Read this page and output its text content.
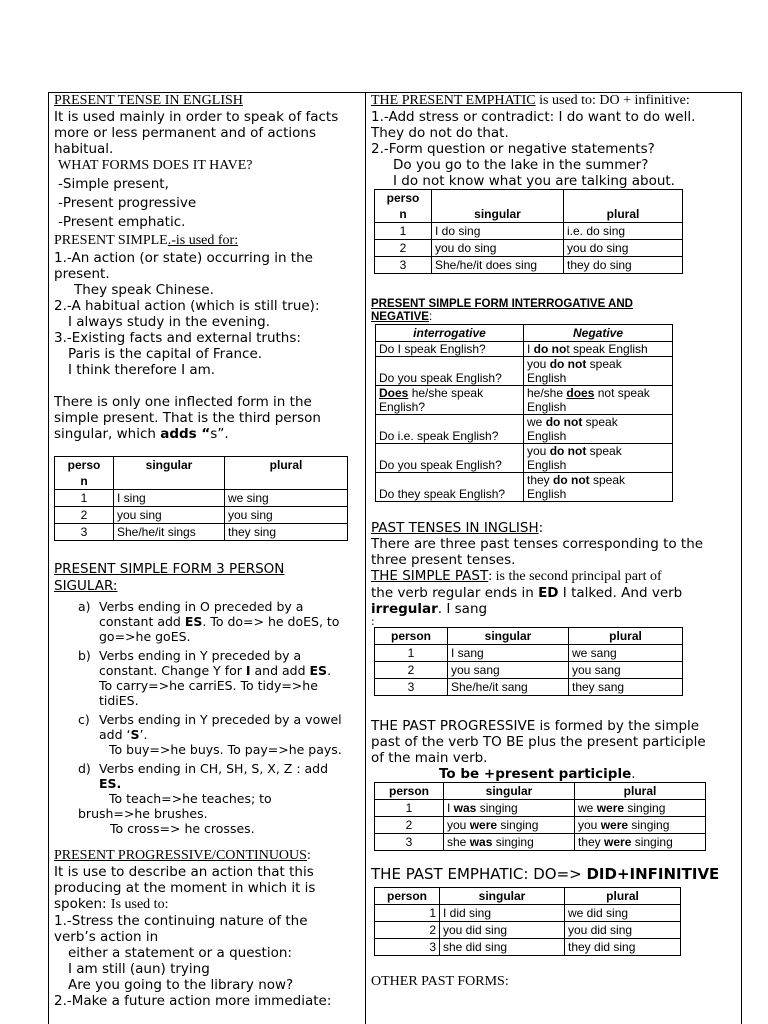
PRESENT TENSE IN ENGLISH

It is used mainly in order to speak of facts

more or less permanent and of actions

habitual.

WHAT FORMS DOES IT HAVE?

-Simple present,

-Present progressive

-Present emphatic.

PRESENT SIMPLE.-is used for:

1.-An action (or state) occurring in the

present.

They speak Chinese.

2.-A habitual action (which is still true):

I always study in the evening.

3.-Existing facts and external truths:

Paris is the capital of France.

I think therefore I am.

There is only one inflected form in the

simple present. That is the third person

singular, which adds “s”.

perso
n	singular	plural
1	I sing	we sing
2	you sing	you sing
3	She/he/it sings	they sing

PRESENT SIMPLE FORM 3 PERSON

SIGULAR:

a) Verbs ending in O preceded by a
constant add ES. To do=> he doES, to
go=>he goES.
b) Verbs ending in Y preceded by a
constant. Change Y for I and add ES.
To carry=>he carriES. To tidy=>he
tidiES.
c) Verbs ending in Y preceded by a vowel
add ‘S’.
To buy=>he buys. To pay=>he pays.
d) Verbs ending in CH, SH, S, X, Z : add
ES.
To teach=>he teaches; to

brush=>he brushes.

To cross=> he crosses.

PRESENT PROGRESSIVE/CONTINUOUS:

It is use to describe an action that this

producing at the moment in which it is

spoken: Is used to:

1.-Stress the continuing nature of the

verb’s action in

either a statement or a question:

I am still (aun) trying

Are you going to the library now?

2.-Make a future action more immediate:

THE PRESENT EMPHATIC is used to: DO + infinitive:

1.-Add stress or contradict: I do want to do well.

They do not do that.

2.-Form question or negative statements?

Do you go to the lake in the summer?

I do not know what you are talking about.

perso
n	singular	plural
1	I do sing	i.e. do sing
2	you do sing	you do sing
3	She/he/it does sing	they do sing

PRESENT SIMPLE FORM INTERROGATIVE AND

NEGATIVE:

interrogative	Negative
Do I speak English?	I do not speak English
Do you speak English?	you do not speak
English
Does he/she speak
English?	he/she does not speak
English
Do i.e. speak English?	we do not speak
English
Do you speak English?	you do not speak
English
Do they speak English?	they do not speak
English

PAST TENSES IN INGLISH:

There are three past tenses corresponding to the

three present tenses.

THE SIMPLE PAST: is the second principal part of

the verb regular ends in ED I talked. And verb

irregular. I sang

:

person	singular	plural
1	I sang	we sang
2	you sang	you sang
3	She/he/it sang	they sang

THE PAST PROGRESSIVE is formed by the simple

past of the verb TO BE plus the present participle

of the main verb.

To be +present participle.

person	singular	plural
1	I was singing	we were singing
2	you were singing	you were singing
3	she was singing	they were singing

THE PAST EMPHATIC: DO=> DID+INFINITIVE

person	singular	plural
1	I did sing	we did sing
2	you did sing	you did sing
3	she did sing	they did sing

OTHER PAST FORMS:
